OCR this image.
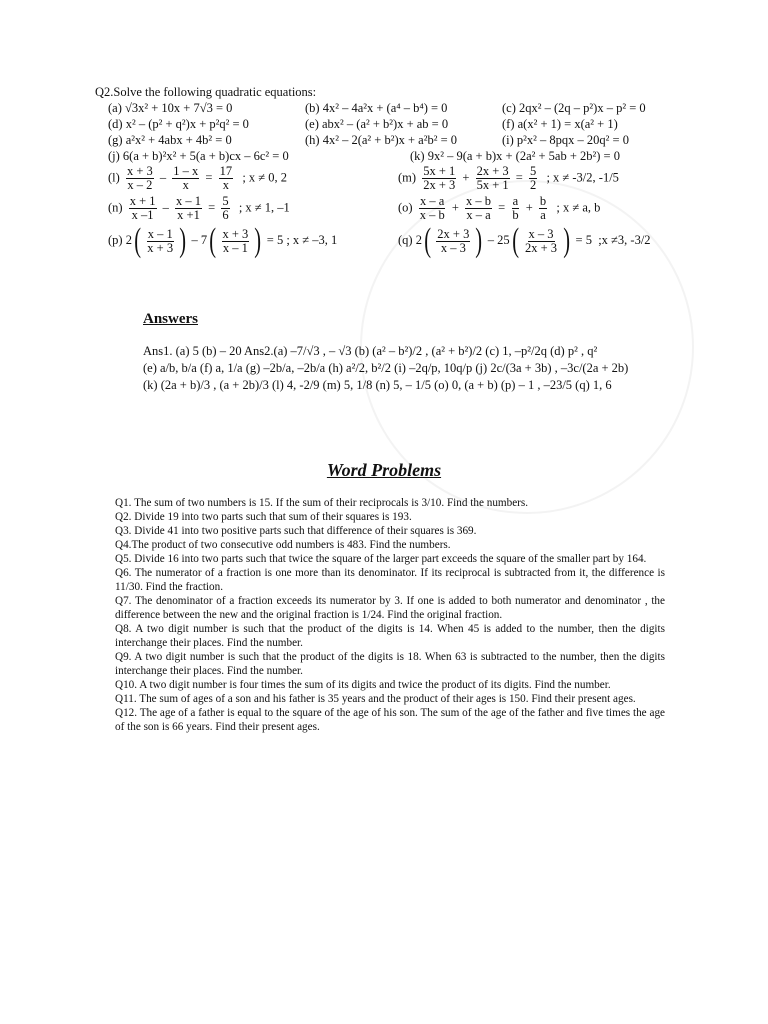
Q2.Solve the following quadratic equations:
(a) √3x² + 10x + 7√3 = 0	(b) 4x² – 4a²x + (a⁴ – b⁴) = 0	(c) 2qx² – (2q – p²)x – p² = 0
(d) x² – (p² + q²)x + p²q² = 0	(e) abx² – (a² + b²)x + ab = 0	(f) a(x² + 1) = x(a² + 1)
(g) a²x² + 4abx + 4b² = 0	(h) 4x² – 2(a² + b²)x + a²b² = 0	(i) p²x² – 8pqx – 20q² = 0
(j) 6(a + b)²x² + 5(a + b)cx – 6c² = 0	(k) 9x² – 9(a + b)x + (2a² + 5ab + 2b²) = 0
$(l) \frac{x + 3}{x - 2} - \frac{1 - x}{x} = \frac{17}{x}$ ; x ≠ 0, 2	$(m) \frac{5x + 1}{2x + 3} + \frac{2x + 3}{5x + 1} = \frac{5}{2}$ ; x ≠ -3/2, -1/5
$(n) \frac{x + 1}{x -1} - \frac{x - 1}{x +1} = \frac{5}{6}$ ; x ≠ 1, –1	$(o) \frac{x - a}{x - b} + \frac{x - b}{x - a} = \frac{a}{b} + \frac{b}{a}$ ; x ≠ a, b
(p) $2( \frac{x - 1}{x + 3}$ ) – $7( \frac{x + 3}{x - 1}$ ) = 5 ; x ≠ –3, 1	(q) $2( \frac{2x + 3}{x - 3}$ ) – $25( \frac{x - 3}{2x + 3}$ ) = 5 ;x ≠3, -3/2
Answers

Ans1. (a) 5 (b) – 20 Ans2.(a) –7/√3 , – √3 (b) (a² – b²)/2 , (a² + b²)/2 (c) 1, –p²/2q (d) p² , q²

(e) a/b, b/a (f) a, 1/a (g) –2b/a, –2b/a (h) a²/2, b²/2 (i) –2q/p, 10q/p (j) 2c/(3a + 3b) , –3c/(2a + 2b)

(k) (2a + b)/3 , (a + 2b)/3 (l) 4, -2/9 (m) 5, 1/8 (n) 5, – 1/5 (o) 0, (a + b) (p) – 1 , –23/5 (q) 1, 6

Word Problems

Q1. The sum of two numbers is 15. If the sum of their reciprocals is 3/10. Find the numbers.

Q2. Divide 19 into two parts such that sum of their squares is 193.

Q3. Divide 41 into two positive parts such that difference of their squares is 369.

Q4.The product of two consecutive odd numbers is 483. Find the numbers.

Q5. Divide 16 into two parts such that twice the square of the larger part exceeds the square of the smaller part by 164.

Q6. The numerator of a fraction is one more than its denominator. If its reciprocal is subtracted from it, the difference is 11/30. Find the fraction.

Q7. The denominator of a fraction exceeds its numerator by 3. If one is added to both numerator and denominator , the difference between the new and the original fraction is 1/24. Find the original fraction.

Q8. A two digit number is such that the product of the digits is 14. When 45 is added to the number, then the digits interchange their places. Find the number.

Q9. A two digit number is such that the product of the digits is 18. When 63 is subtracted to the number, then the digits interchange their places. Find the number.

Q10. A two digit number is four times the sum of its digits and twice the product of its digits. Find the number.

Q11. The sum of ages of a son and his father is 35 years and the product of their ages is 150. Find their present ages.

Q12. The age of a father is equal to the square of the age of his son. The sum of the age of the father and five times the age of the son is 66 years. Find their present ages.
